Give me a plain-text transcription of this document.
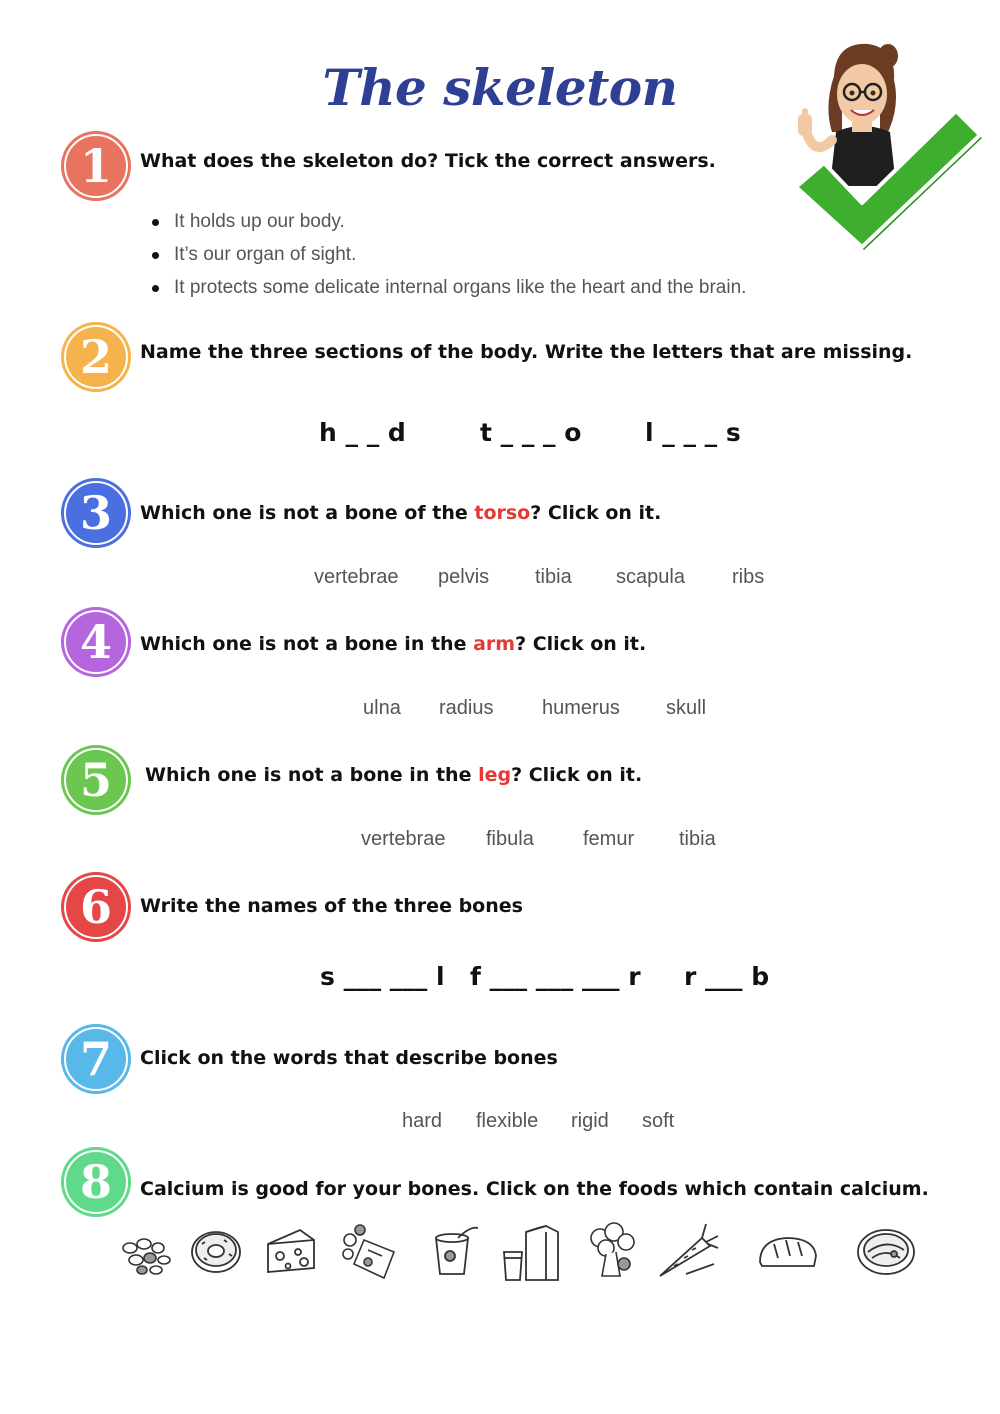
The skeleton
1
2
3
4
5
6
7
8
What does the skeleton do? Tick the correct answers.
It holds up our body.
It’s our organ of sight.
It protects some delicate internal organs like the heart and the brain.
Name the three sections of the body. Write the letters that are missing.
h _ _ d	t _ _ _ o	l _ _ _ s
Which one is not a bone of the torso? Click on it.
vertebrae pelvis tibia scapula ribs
Which one is not a bone in the arm? Click on it.
ulna radius humerus skull
Which one is not a bone in the leg? Click on it.
vertebrae fibula femur tibia
Write the names of the three bones
s ___ ___ l f ___ ___ ___ r r ___ b
Click on the words that describe bones
hard flexible rigid soft
Calcium is good for your bones. Click on the foods which contain calcium.
